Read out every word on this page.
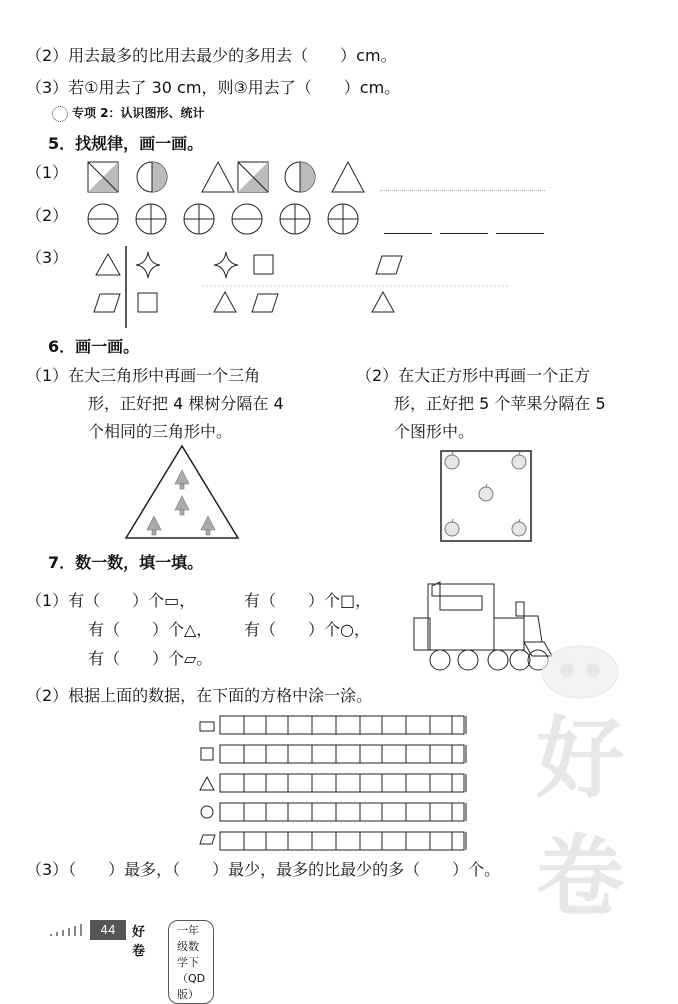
（2）用去最多的比用去最少的多用去（　　）cm。
（3）若①用去了 30 cm，则③用去了（　　）cm。
专项 2：认识图形、统计
5．找规律，画一画。
（1）
（2）
（3）
6．画一画。
（1）在大三角形中再画一个三角
形，正好把 4 棵树分隔在 4
个相同的三角形中。
（2）在大正方形中再画一个正方
形，正好把 5 个苹果分隔在 5
个图形中。
7．数一数，填一填。
（1）有（　　）个▭，	有（　　）个□，
有（　　）个△， 有（　　）个○，
有（　　）个▱。
（2）根据上面的数据，在下面的方格中涂一涂。
（3）（　　）最多，（　　）最少，最多的比最少的多（　　）个。
好
卷
44	好卷
一年级数学下（QD 版）
